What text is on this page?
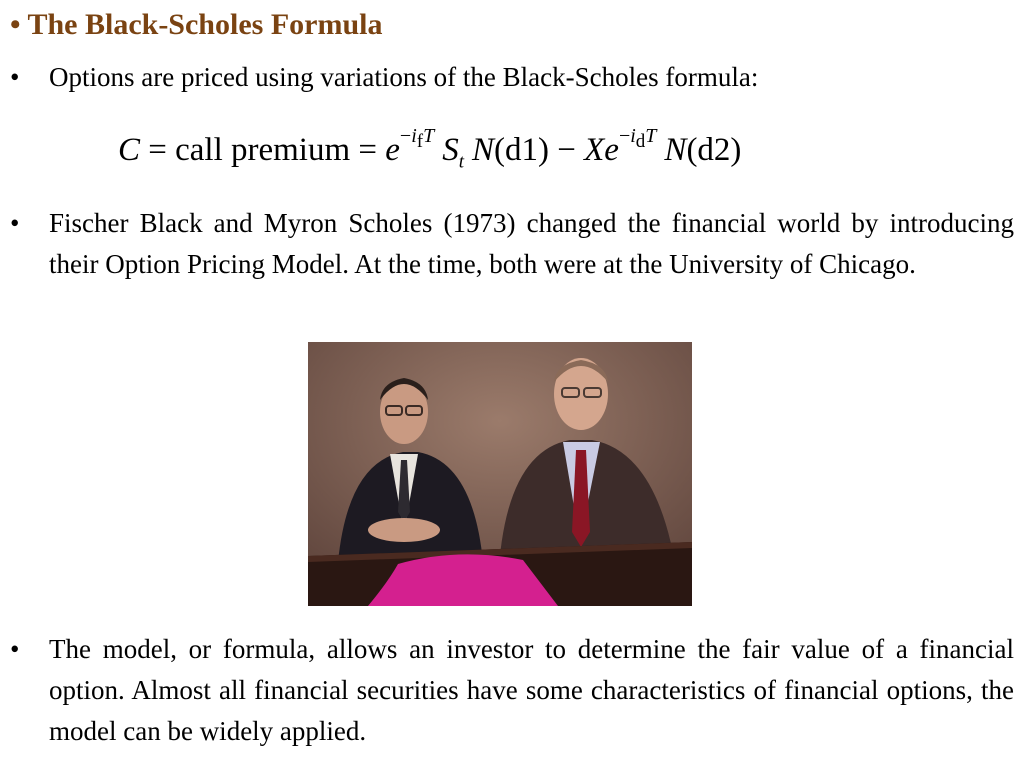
• The Black-Scholes Formula
•	Options are priced using variations of the Black-Scholes formula:
C = call premium = $e^{-i_fT}$ $S_t$ $N(d1) - Xe^{-i_dT}$ N(d2)
•	Fischer Black and Myron Scholes (1973) changed the financial world by introducing their Option Pricing Model. At the time, both were at the University of Chicago.
•	The model, or formula, allows an investor to determine the fair value of a financial option. Almost all financial securities have some characteristics of financial options, the model can be widely applied.
